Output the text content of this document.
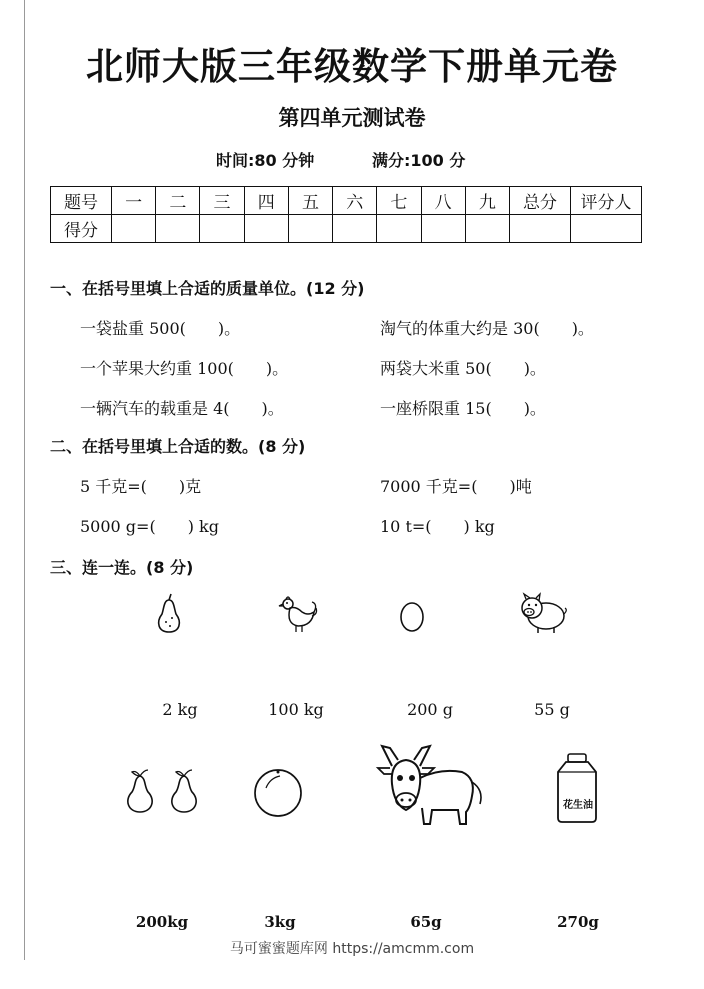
北师大版三年级数学下册单元卷
第四单元测试卷
时间:80 分钟	满分:100 分
题号	一	二	三	四	五	六	七	八	九	总分	评分人
得分											
一、在括号里填上合适的质量单位。(12 分)
一袋盐重 500(　　)。	淘气的体重大约是 30(　　)。
一个苹果大约重 100(　　)。	两袋大米重 50(　　)。
一辆汽车的载重是 4(　　)。	一座桥限重 15(　　)。
二、在括号里填上合适的数。(8 分)
5 千克=(　　)克	7000 千克=(　　)吨
5000 g=(　　) kg	10 t=(　　) kg
三、连一连。(8 分)
2 kg	100 kg	200 g	55 g
花生油
200kg	3kg	65g	270g
马可蜜蜜题库网 https://amcmm.com
